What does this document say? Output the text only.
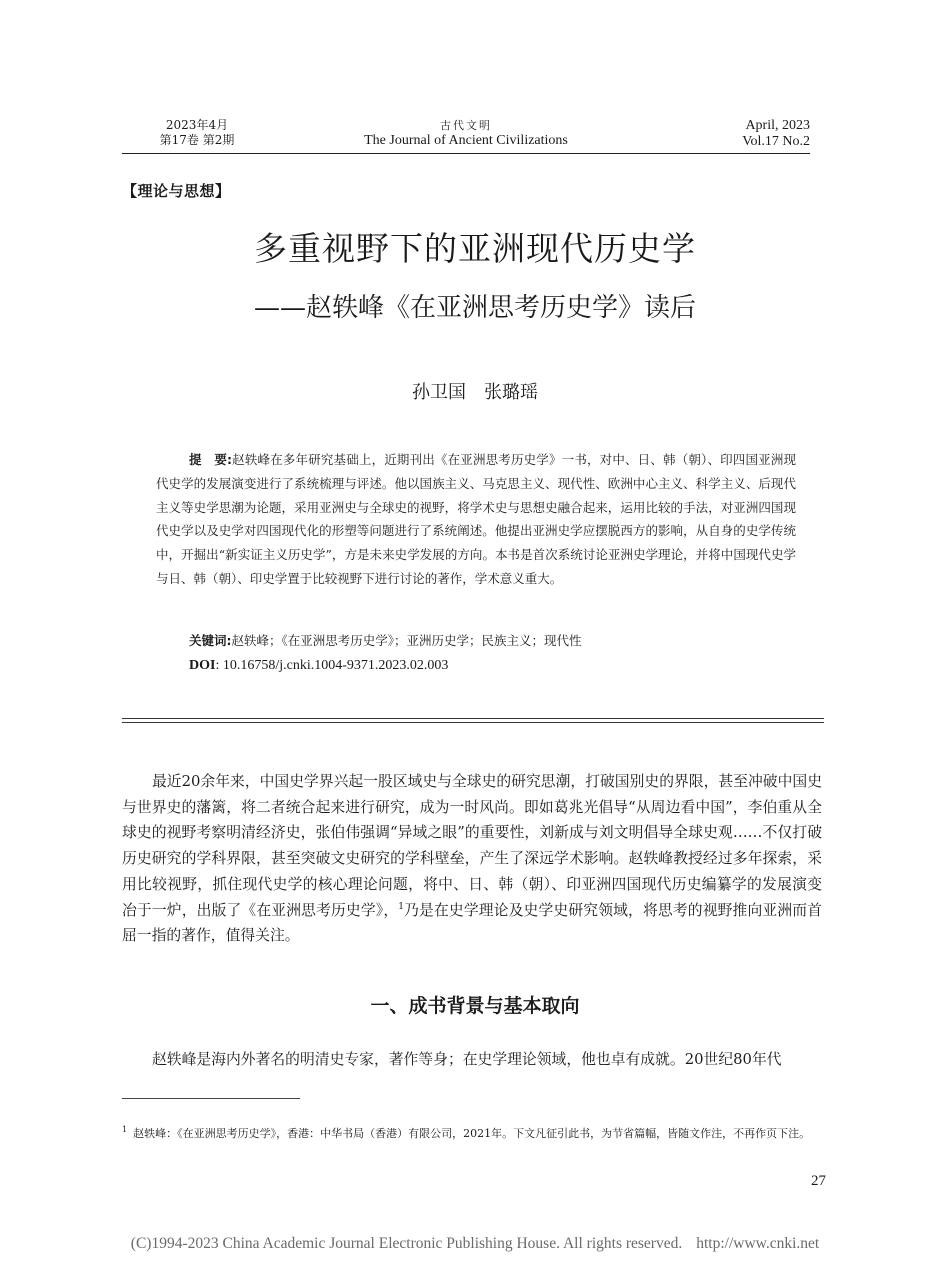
2023年4月
第17卷 第2期
古代文明
The Journal of Ancient Civilizations
April, 2023
Vol.17 No.2
【理论与思想】
多重视野下的亚洲现代历史学
——赵轶峰《在亚洲思考历史学》读后
孙卫国　张璐瑶
提　要:赵轶峰在多年研究基础上，近期刊出《在亚洲思考历史学》一书，对中、日、韩（朝）、印四国亚洲现代史学的发展演变进行了系统梳理与评述。他以国族主义、马克思主义、现代性、欧洲中心主义、科学主义、后现代主义等史学思潮为论题，采用亚洲史与全球史的视野，将学术史与思想史融合起来，运用比较的手法，对亚洲四国现代史学以及史学对四国现代化的形塑等问题进行了系统阐述。他提出亚洲史学应摆脱西方的影响，从自身的史学传统中，开掘出“新实证主义历史学”，方是未来史学发展的方向。本书是首次系统讨论亚洲史学理论，并将中国现代史学与日、韩（朝）、印史学置于比较视野下进行讨论的著作，学术意义重大。
关键词:赵轶峰；《在亚洲思考历史学》；亚洲历史学；民族主义；现代性
DOI: 10.16758/j.cnki.1004-9371.2023.02.003

最近20余年来，中国史学界兴起一股区域史与全球史的研究思潮，打破国别史的界限，甚至冲破中国史与世界史的藩篱，将二者统合起来进行研究，成为一时风尚。即如葛兆光倡导“从周边看中国”，李伯重从全球史的视野考察明清经济史，张伯伟强调“异域之眼”的重要性，刘新成与刘文明倡导全球史观……不仅打破历史研究的学科界限，甚至突破文史研究的学科壁垒，产生了深远学术影响。赵轶峰教授经过多年探索，采用比较视野，抓住现代史学的核心理论问题，将中、日、韩（朝）、印亚洲四国现代历史编纂学的发展演变冶于一炉，出版了《在亚洲思考历史学》，$^1$乃是在史学理论及史学史研究领域，将思考的视野推向亚洲而首屈一指的著作，值得关注。

一、成书背景与基本取向

赵轶峰是海内外著名的明清史专家，著作等身；在史学理论领域，他也卓有成就。20世纪80年代

$^1$ 赵轶峰：《在亚洲思考历史学》，香港：中华书局（香港）有限公司，2021年。下文凡征引此书，为节省篇幅，皆随文作注，不再作页下注。
27
(C)1994-2023 China Academic Journal Electronic Publishing House. All rights reserved. http://www.cnki.net
